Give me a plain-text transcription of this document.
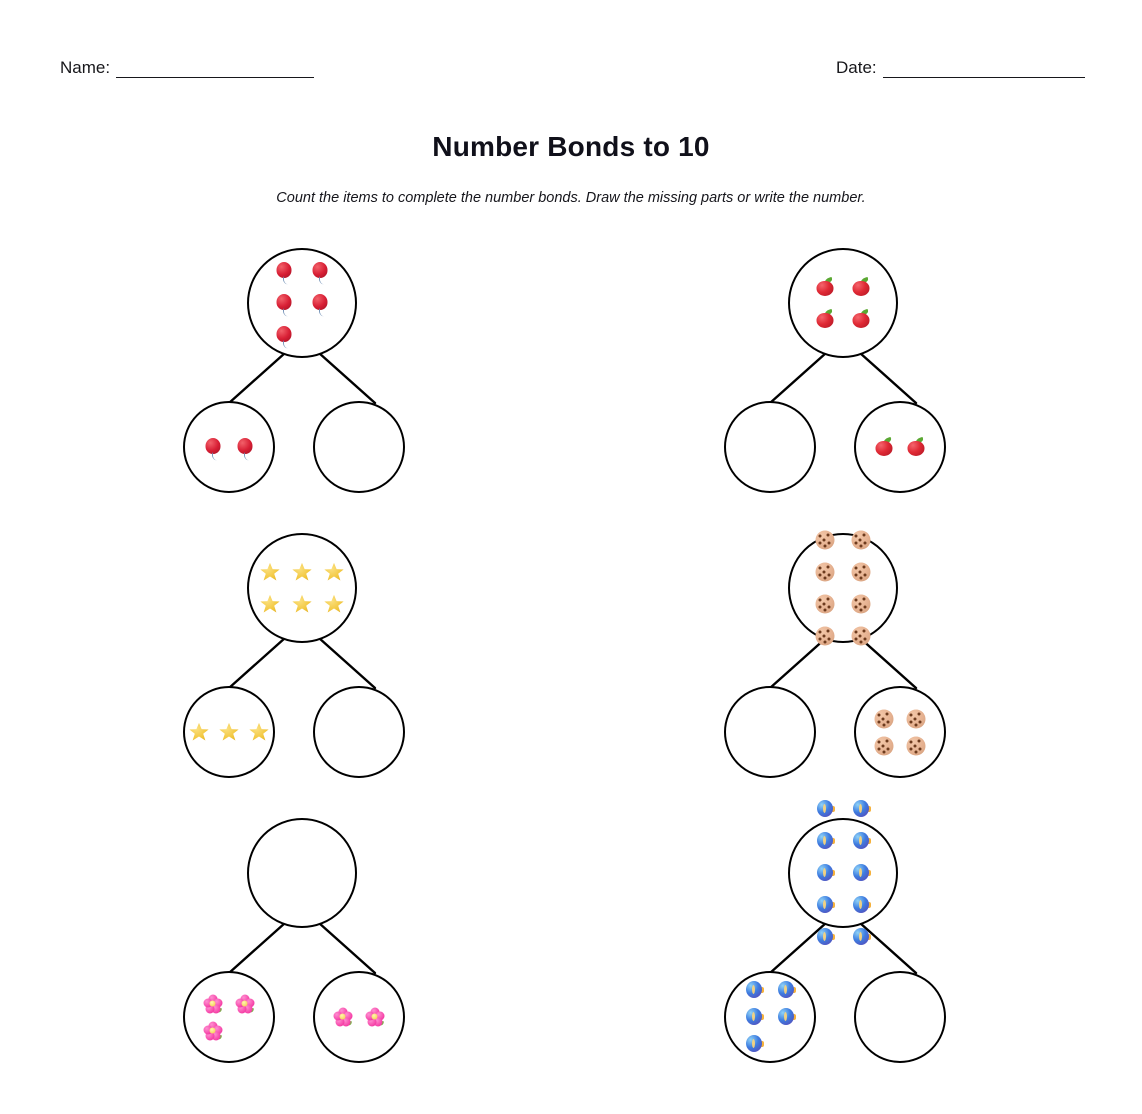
Name:	Date:
Number Bonds to 10
Count the items to complete the number bonds. Draw the missing parts or write the number.
